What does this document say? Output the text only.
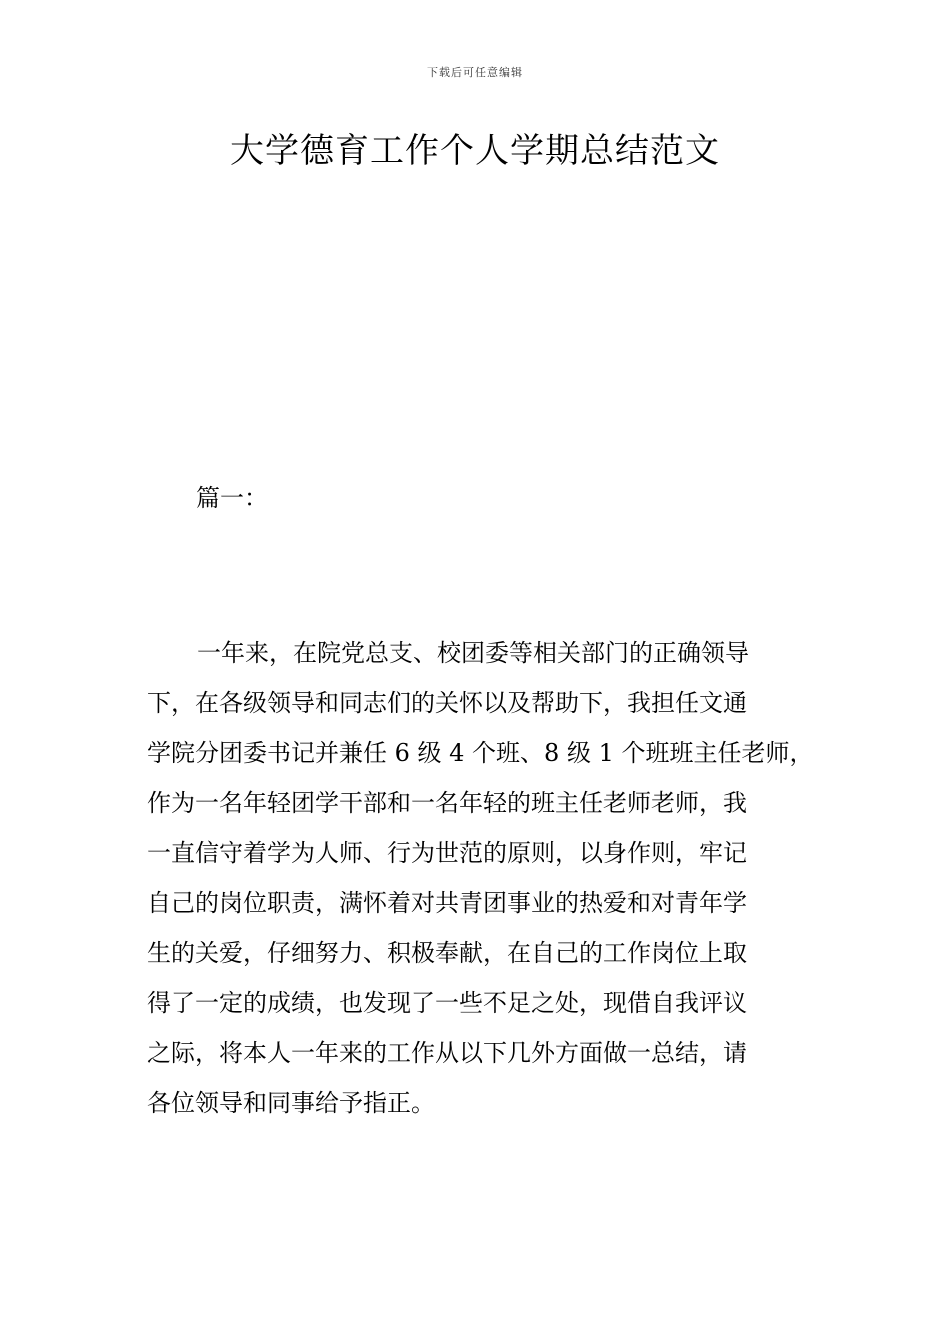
下载后可任意编辑
大学德育工作个人学期总结范文
篇一：
一年来，在院党总支、校团委等相关部门的正确领导
下，在各级领导和同志们的关怀以及帮助下，我担任文通
学院分团委书记并兼任 6 级 4 个班、8 级 1 个班班主任老师，
作为一名年轻团学干部和一名年轻的班主任老师老师，我
一直信守着学为人师、行为世范的原则，以身作则，牢记
自己的岗位职责，满怀着对共青团事业的热爱和对青年学
生的关爱，仔细努力、积极奉献，在自己的工作岗位上取
得了一定的成绩，也发现了一些不足之处，现借自我评议
之际，将本人一年来的工作从以下几外方面做一总结，请
各位领导和同事给予指正。
